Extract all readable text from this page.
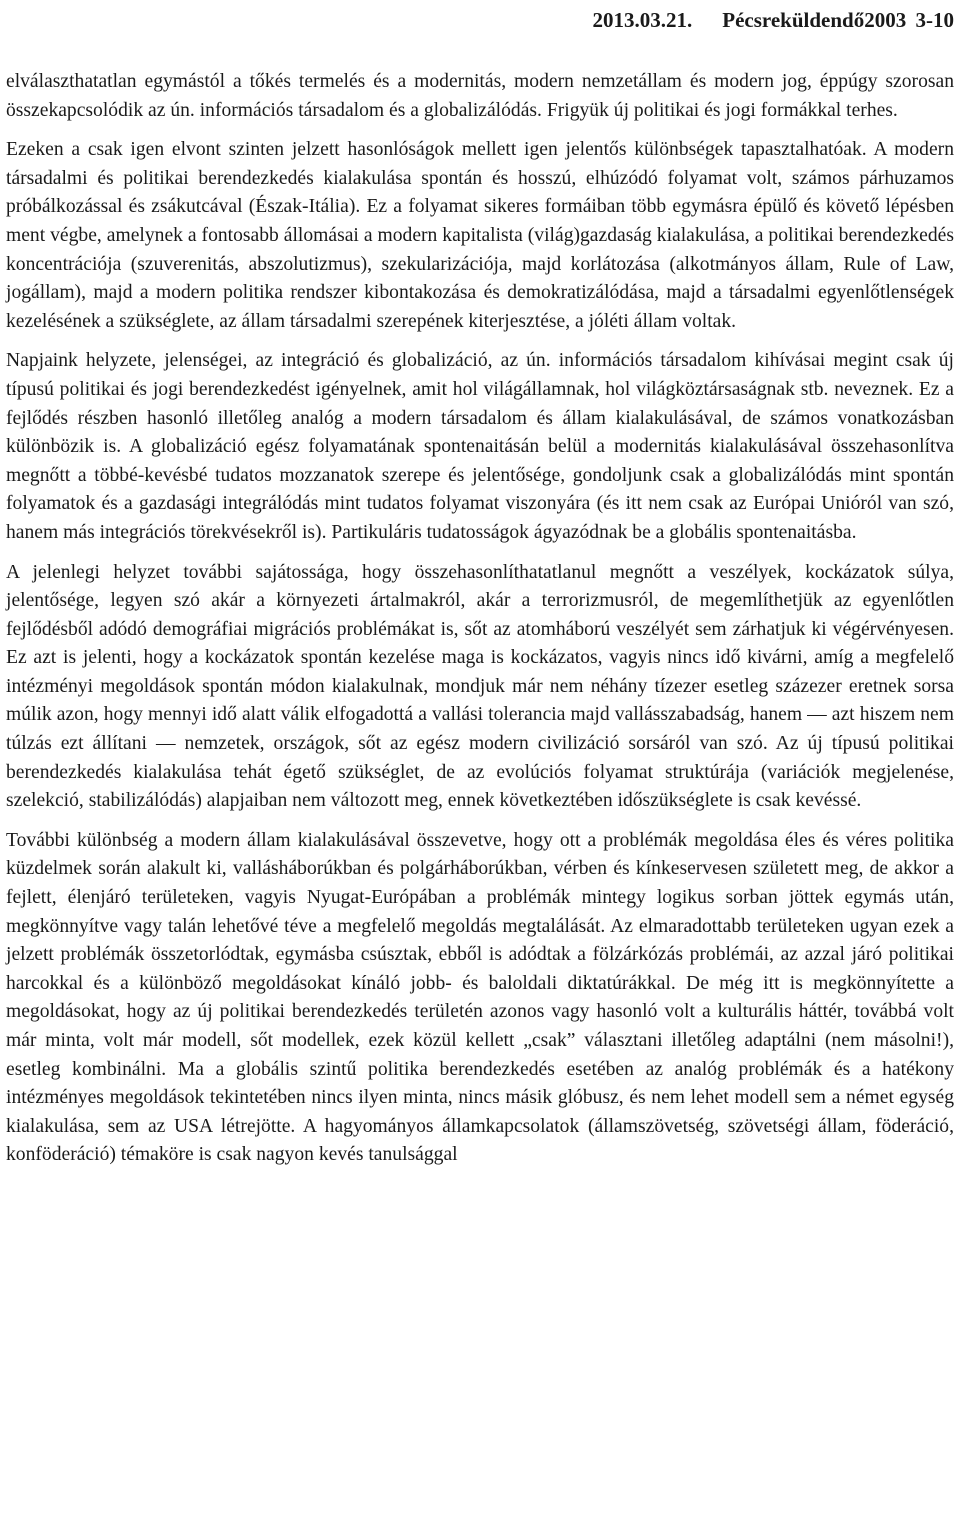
2013.03.21. Pécsreküldendő2003 3-10

elválaszthatatlan egymástól a tőkés termelés és a modernitás, modern nemzetállam és modern jog, éppúgy szorosan összekapcsolódik az ún. információs társadalom és a globalizálódás. Frigyük új politikai és jogi formákkal terhes.

Ezeken a csak igen elvont szinten jelzett hasonlóságok mellett igen jelentős különbségek tapasztalhatóak. A modern társadalmi és politikai berendezkedés kialakulása spontán és hosszú, elhúzódó folyamat volt, számos párhuzamos próbálkozással és zsákutcával (Észak-Itália). Ez a folyamat sikeres formáiban több egymásra épülő és követő lépésben ment végbe, amelynek a fontosabb állomásai a modern kapitalista (világ)gazdaság kialakulása, a politikai berendezkedés koncentrációja (szuverenitás, abszolutizmus), szekularizációja, majd korlátozása (alkotmányos állam, Rule of Law, jogállam), majd a modern politika rendszer kibontakozása és demokratizálódása, majd a társadalmi egyenlőtlenségek kezelésének a szükséglete, az állam társadalmi szerepének kiterjesztése, a jóléti állam voltak.

Napjaink helyzete, jelenségei, az integráció és globalizáció, az ún. információs társadalom kihívásai megint csak új típusú politikai és jogi berendezkedést igényelnek, amit hol világállamnak, hol világköztársaságnak stb. neveznek. Ez a fejlődés részben hasonló illetőleg analóg a modern társadalom és állam kialakulásával, de számos vonatkozásban különbözik is. A globalizáció egész folyamatának spontenaitásán belül a modernitás kialakulásával összehasonlítva megnőtt a többé-kevésbé tudatos mozzanatok szerepe és jelentősége, gondoljunk csak a globalizálódás mint spontán folyamatok és a gazdasági integrálódás mint tudatos folyamat viszonyára (és itt nem csak az Európai Unióról van szó, hanem más integrációs törekvésekről is). Partikuláris tudatosságok ágyazódnak be a globális spontenaitásba.

A jelenlegi helyzet további sajátossága, hogy összehasonlíthatatlanul megnőtt a veszélyek, kockázatok súlya, jelentősége, legyen szó akár a környezeti ártalmakról, akár a terrorizmusról, de megemlíthetjük az egyenlőtlen fejlődésből adódó demográfiai migrációs problémákat is, sőt az atomháború veszélyét sem zárhatjuk ki végérvényesen. Ez azt is jelenti, hogy a kockázatok spontán kezelése maga is kockázatos, vagyis nincs idő kivárni, amíg a megfelelő intézményi megoldások spontán módon kialakulnak, mondjuk már nem néhány tízezer esetleg százezer eretnek sorsa múlik azon, hogy mennyi idő alatt válik elfogadottá a vallási tolerancia majd vallásszabadság, hanem — azt hiszem nem túlzás ezt állítani — nemzetek, országok, sőt az egész modern civilizáció sorsáról van szó. Az új típusú politikai berendezkedés kialakulása tehát égető szükséglet, de az evolúciós folyamat struktúrája (variációk megjelenése, szelekció, stabilizálódás) alapjaiban nem változott meg, ennek következtében időszükséglete is csak kevéssé.

További különbség a modern állam kialakulásával összevetve, hogy ott a problémák megoldása éles és véres politika küzdelmek során alakult ki, vallásháborúkban és polgárháborúkban, vérben és kínkeservesen született meg, de akkor a fejlett, élenjáró területeken, vagyis Nyugat-Európában a problémák mintegy logikus sorban jöttek egymás után, megkönnyítve vagy talán lehetővé téve a megfelelő megoldás megtalálását. Az elmaradottabb területeken ugyan ezek a jelzett problémák összetorlódtak, egymásba csúsztak, ebből is adódtak a fölzárkózás problémái, az azzal járó politikai harcokkal és a különböző megoldásokat kínáló jobb- és baloldali diktatúrákkal. De még itt is megkönnyítette a megoldásokat, hogy az új politikai berendezkedés területén azonos vagy hasonló volt a kulturális háttér, továbbá volt már minta, volt már modell, sőt modellek, ezek közül kellett „csak” választani illetőleg adaptálni (nem másolni!), esetleg kombinálni. Ma a globális szintű politika berendezkedés esetében az analóg problémák és a hatékony intézményes megoldások tekintetében nincs ilyen minta, nincs másik glóbusz, és nem lehet modell sem a német egység kialakulása, sem az USA létrejötte. A hagyományos államkapcsolatok (államszövetség, szövetségi állam, föderáció, konföderáció) témaköre is csak nagyon kevés tanulsággal
